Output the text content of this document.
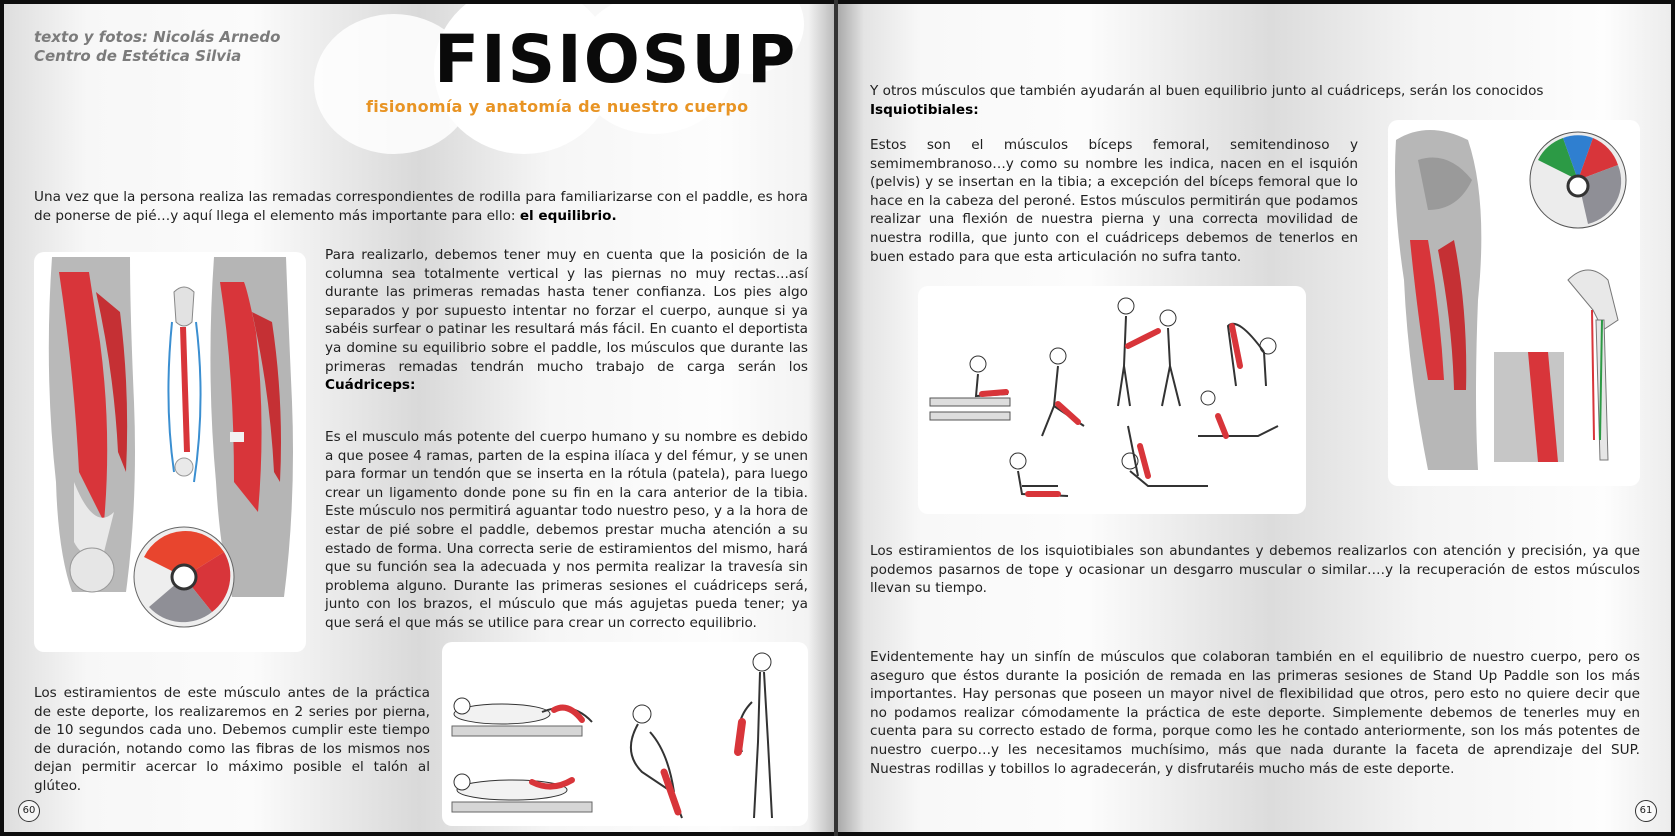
texto y fotos: Nicolás Arnedo
Centro de Estética Silvia	FISIOSUP
fisionomía y anatomía de nuestro cuerpo

Una vez que la persona realiza las remadas correspondientes de rodilla para familiarizarse con el paddle, es hora de ponerse de pié…y aquí llega el elemento más importante para ello: el equilibrio.

Para realizarlo, debemos tener muy en cuenta que la posición de la columna sea totalmente vertical y las piernas no muy rectas...así durante las primeras remadas hasta tener confianza. Los pies algo separados y por supuesto intentar no forzar el cuerpo, aunque si ya sabéis surfear o patinar les resultará más fácil. En cuanto el deportista ya domine su equilibrio sobre el paddle, los músculos que durante las primeras remadas tendrán mucho trabajo de carga serán los Cuádriceps:

Es el musculo más potente del cuerpo humano y su nombre es debido a que posee 4 ramas, parten de la espina ilíaca y del fémur, y se unen para formar un tendón que se inserta en la rótula (patela), para luego crear un ligamento donde pone su fin en la cara anterior de la tibia. Este músculo nos permitirá aguantar todo nuestro peso, y a la hora de estar de pié sobre el paddle, debemos prestar mucha atención a su estado de forma. Una correcta serie de estiramientos del mismo, hará que su función sea la adecuada y nos permita realizar la travesía sin problema alguno. Durante las primeras sesiones el cuádriceps será, junto con los brazos, el músculo que más agujetas pueda tener; ya que será el que más se utilice para crear un correcto equilibrio.

Los estiramientos de este músculo antes de la práctica de este deporte, los realizaremos en 2 series por pierna, de 10 segundos cada uno. Debemos cumplir este tiempo de duración, notando como las fibras de los mismos nos dejan permitir acercar lo máximo posible el talón al glúteo.

60

Y otros músculos que también ayudarán al buen equilibrio junto al cuádriceps, serán los conocidos Isquiotibiales:

Estos son el músculos bíceps femoral, semitendinoso y semimembranoso…y como su nombre les indica, nacen en el isquión (pelvis) y se insertan en la tibia; a excepción del bíceps femoral que lo hace en la cabeza del peroné. Estos músculos permitirán que podamos realizar una flexión de nuestra pierna y una correcta movilidad de nuestra rodilla, que junto con el cuádriceps debemos de tenerlos en buen estado para que esta articulación no sufra tanto.

Los estiramientos de los isquiotibiales son abundantes y debemos realizarlos con atención y precisión, ya que podemos pasarnos de tope y ocasionar un desgarro muscular o similar….y la recuperación de estos músculos llevan su tiempo.

Evidentemente hay un sinfín de músculos que colaboran también en el equilibrio de nuestro cuerpo, pero os aseguro que éstos durante la posición de remada en las primeras sesiones de Stand Up Paddle son los más importantes. Hay personas que poseen un mayor nivel de flexibilidad que otros, pero esto no quiere decir que no podamos realizar cómodamente la práctica de este deporte. Simplemente debemos de tenerles muy en cuenta para su correcto estado de forma, porque como les he contado anteriormente, son los más potentes de nuestro cuerpo…y les necesitamos muchísimo, más que nada durante la faceta de aprendizaje del SUP. Nuestras rodillas y tobillos lo agradecerán, y disfrutaréis mucho más de este deporte.

61
